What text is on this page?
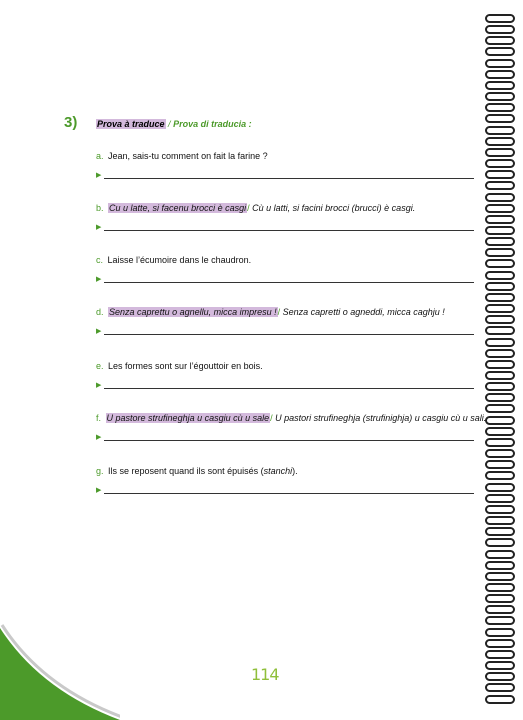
3) Prova à traduce / Prova di traducia :
a. Jean, sais-tu comment on fait la farine ?
▶
b. Cu u latte, si facenu brocci è casgi/ Cù u latti, si facini brocci (brucci) è casgi.
▶
c. Laisse l’écumoire dans le chaudron.
▶
d. Senza caprettu o agnellu, micca impresu !/ Senza capretti o agneddi, micca caghju !
▶
e. Les formes sont sur l’égouttoir en bois.
▶
f. U pastore strufineghja u casgiu cù u sale/ U pastori strufineghja (strufinighja) u casgiu cù u sali.
▶
g. Ils se reposent quand ils sont épuisés (stanchi).
▶
114
